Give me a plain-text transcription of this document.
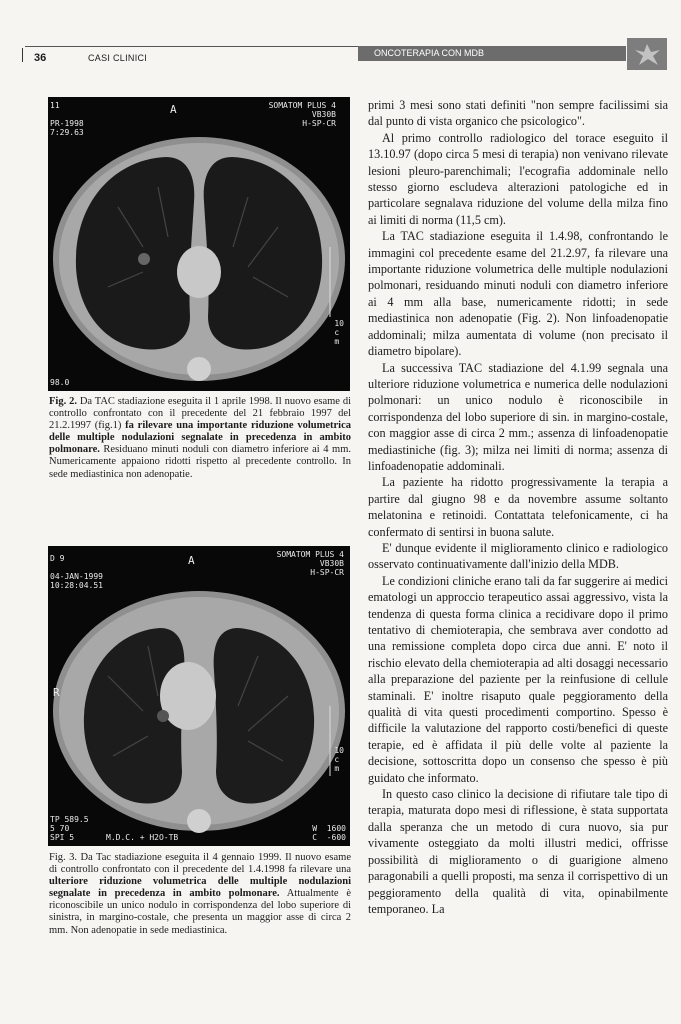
36	CASI CLINICI	ONCOTERAPIA CON MDB
11

PR-1998
7:29.63
A	SOMATOM PLUS 4
VB30B
H-SP-CR
10
c
m
98.0
Fig. 2. Da TAC stadiazione eseguita il 1 aprile 1998. Il nuovo esame di controllo confrontato con il precedente del 21 febbraio 1997 del 21.2.1997 (fig.1) fa rilevare una importante riduzione volumetrica delle multiple nodulazioni segnalate in precedenza in ambito polmonare. Residuano minuti noduli con diametro inferiore ai 4 mm. Numericamente appaiono ridotti rispetto al precedente controllo. In sede mediastinica non adenopatie.
D 9

04-JAN-1999
10:28:04.51
A	SOMATOM PLUS 4
VB30B
H-SP-CR
R
10
c
m
TP 589.5
5 70
SPI 5	M.D.C. + H2O-TB
W  1600
C  -600
Fig. 3. Da Tac stadiazione eseguita il 4 gennaio 1999. Il nuovo esame di controllo confrontato con il precedente del 1.4.1998 fa rilevare una ulteriore riduzione volumetrica delle multiple nodulazioni segnalate in precedenza in ambito polmonare. Attualmente è riconoscibile un unico nodulo in corrispondenza del lobo superiore di sinistra, in margino-costale, che presenta un maggior asse di circa 2 mm. Non adenopatie in sede mediastinica.

primi 3 mesi sono stati definiti "non sempre facilissimi sia dal punto di vista organico che psicologico".

Al primo controllo radiologico del torace eseguito il 13.10.97 (dopo circa 5 mesi di terapia) non venivano rilevate lesioni pleuro-parenchimali; l'ecografia addominale nello stesso giorno escludeva alterazioni patologiche ed in particolare segnalava riduzione del volume della milza fino ai limiti di norma (11,5 cm).

La TAC stadiazione eseguita il 1.4.98, confrontando le immagini col precedente esame del 21.2.97, fa rilevare una importante riduzione volumetrica delle multiple nodulazioni polmonari, residuando minuti noduli con diametro inferiore ai 4 mm alla base, numericamente ridotti; in sede mediastinica non adenopatie (Fig. 2). Non linfoadenopatie addominali; milza aumentata di volume (non precisato il diametro bipolare).

La successiva TAC stadiazione del 4.1.99 segnala una ulteriore riduzione volumetrica e numerica delle nodulazioni polmonari: un unico nodulo è riconoscibile in corrispondenza del lobo superiore di sin. in margino-costale, con maggior asse di circa 2 mm.; assenza di linfoadenopatie mediastiniche (fig. 3); milza nei limiti di norma; assenza di linfoadenopatie addominali.

La paziente ha ridotto progressivamente la terapia a partire dal giugno 98 e da novembre assume soltanto melatonina e retinoidi. Contattata telefonicamente, ci ha confermato di sentirsi in buona salute.

E' dunque evidente il miglioramento clinico e radiologico osservato continuativamente dall'inizio della MDB.

Le condizioni cliniche erano tali da far suggerire ai medici ematologi un approccio terapeutico assai aggressivo, vista la tendenza di questa forma clinica a recidivare dopo il primo tentativo di chemioterapia, che sembrava aver condotto ad una remissione completa dopo circa due anni. E' noto il rischio elevato della chemioterapia ad alti dosaggi necessario alla preparazione del paziente per la reinfusione di cellule staminali. E' inoltre risaputo quale peggioramento della qualità di vita questi procedimenti comportino. Spesso è difficile la valutazione del rapporto costi/benefici di queste terapie, ed è affidata il più delle volte al paziente la decisione, sottoscritta dopo un consenso che spesso è più guidato che informato.

In questo caso clinico la decisione di rifiutare tale tipo di terapia, maturata dopo mesi di riflessione, è stata supportata dalla speranza che un metodo di cura nuovo, sia pur vivamente osteggiato da molti illustri medici, offrisse possibilità di miglioramento o di guarigione almeno paragonabili a quelli proposti, ma senza il corrispettivo di un peggioramento della qualità di vita, opinabilmente temporaneo. La
